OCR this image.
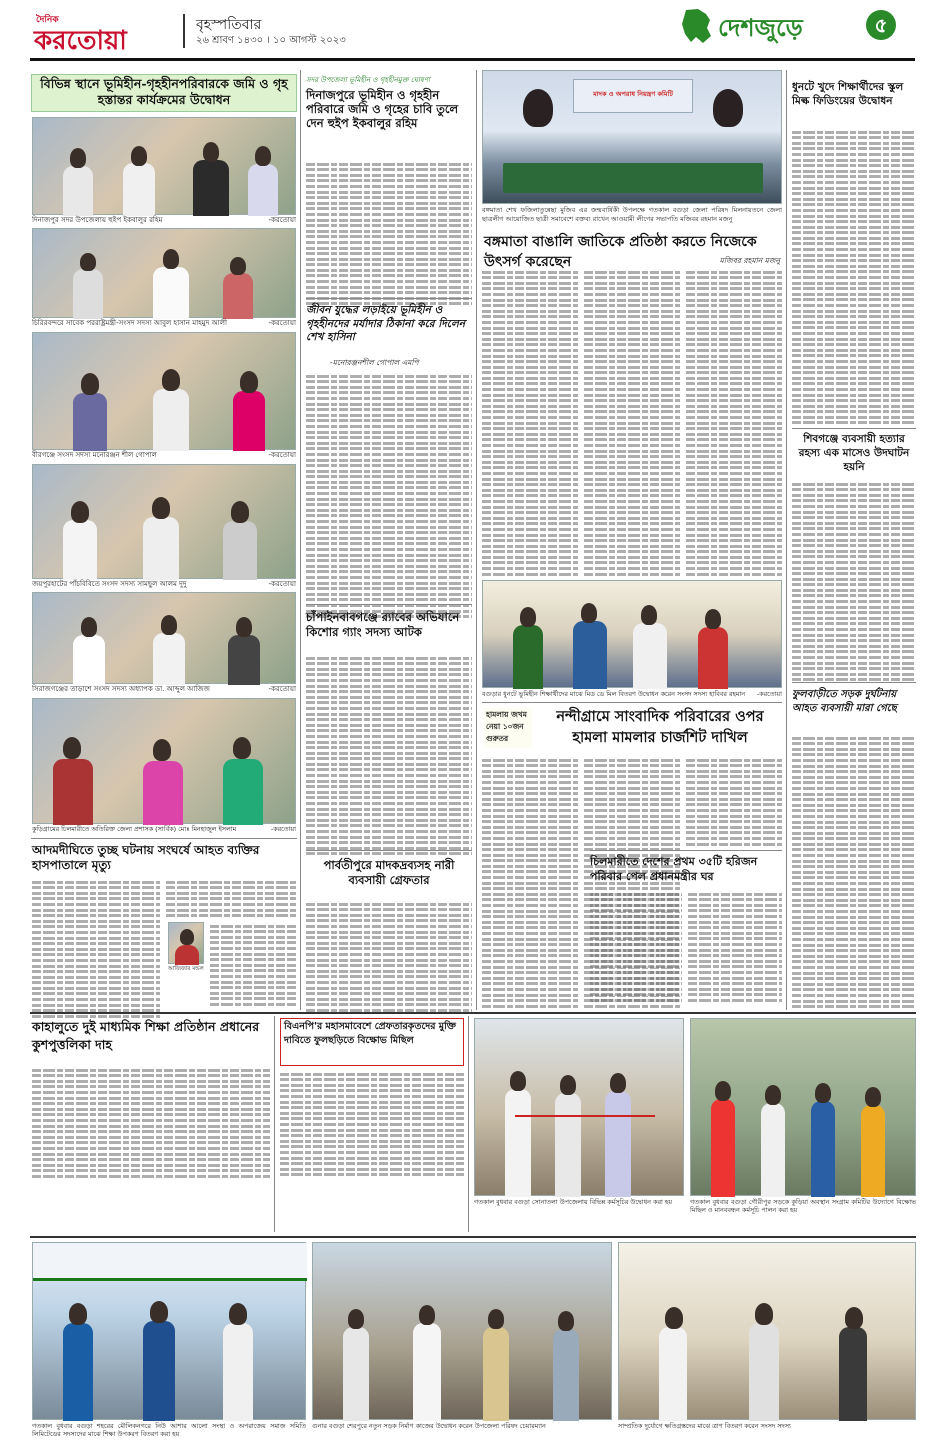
দৈনিক
করতোয়া
বৃহস্পতিবার
২৬ শ্রাবণ ১৪৩০ । ১০ আগস্ট ২০২৩	দেশজুড়ে	৫
বিভিন্ন স্থানে ভূমিহীন-গৃহহীনপরিবারকে জমি ও গৃহ হস্তান্তর কার্যক্রমের উদ্বোধন
দিনাজপুর সদর উপজেলায় হুইপ ইকবালুর রহিম	-করতোয়া
চিরিরবন্দরে সাবেক পররাষ্ট্রমন্ত্রী-সংসদ সদস্য আবুল হাসান মাহমুদ আলী	-করতোয়া
বীরগঞ্জে সংসদ সদস্য মনোরঞ্জন শীল গোপাল	-করতোয়া
জয়পুরহাটের পাঁচবিবিতে সংসদ সদস্য সামছুল আলম দুদু	-করতোয়া
সিরাজগঞ্জের তাড়াশে সংসদ সদস্য অধ্যাপক ডা. আব্দুল আজিজ	-করতোয়া
কুড়িগ্রামের চিলমারীতে অতিরিক্ত জেলা প্রশাসক (সার্বিক) মোঃ মিনহাজুল ইসলাম	-করতোয়া
আদমদীঘিতে তুচ্ছ ঘটনায় সংঘর্ষে আহত ব্যক্তির হাসপাতালে মৃত্যু
আজিজার মন্ডল
সদর উপজেলা ভূমিহীন ও গৃহহীনমুক্ত ঘোষণা
দিনাজপুরে ভূমিহীন ও গৃহহীন পরিবারে জমি ও গৃহের চাবি তুলে দেন হুইপ ইকবালুর রহিম
জীবন যুদ্ধের লড়াইয়ে ভূমিহীন ও গৃহহীনদের মর্যাদার ঠিকানা করে দিলেন শেখ হাসিনা
-মনোরঞ্জনশীল গোপাল এমপি
চাঁপাইনবাবগঞ্জে র‌্যাবের অভিযানে কিশোর গ্যাং সদস্য আটক
পার্বতীপুরে মাদকদ্রব্যসহ নারী ব্যবসায়ী গ্রেফতার
মাদক ও অপরাধ নিয়ন্ত্রণ কমিটি
বঙ্গমাতা শেখ ফজিলাতুন্নেছা মুজিব এর জন্মবার্ষিকী উপলক্ষে গতকাল বগুড়া জেলা পরিষদ মিলনায়তনে জেলা ছাত্রলীগ আয়োজিত ছাত্রী সমাবেশে বক্তব্য রাখেন আওয়ামী লীগের সভাপতি মজিবর রহমান মজনু
বঙ্গমাতা বাঙালি জাতিকে প্রতিষ্ঠা করতে নিজেকে উৎসর্গ করেছেন	মজিবর রহমান মজনু
বগুড়ার ধুনটে ভুমিহীন শিক্ষার্থীদের মাঝে মিড ডে মিল বিতরণ উদ্বোধন করেন সংসদ সদস্য হাবিবর রহমান -করতোয়া
হামলায় জখম
নেয়া ১০জন
গুরুতর
নন্দীগ্রামে সাংবাদিক পরিবারের ওপর হামলা মামলার চার্জশিট দাখিল
চিলমারীতে দেশের প্রথম ৩৫টি হরিজন পরিবার পেল প্রধানমন্ত্রীর ঘর
ধুনটে খুদে শিক্ষার্থীদের স্কুল মিল্ক ফিডিংয়ের উদ্বোধন
শিবগঞ্জে ব্যবসায়ী হত্যার রহস্য এক মাসেও উদঘাটন হয়নি
ফুলবাড়ীতে সড়ক দুর্ঘটনায় আহত ব্যবসায়ী মারা গেছে
কাহালুতে দুই মাধ্যমিক শিক্ষা প্রতিষ্ঠান প্রধানের কুশপুত্তলিকা দাহ
বিএনপি'র মহাসমাবেশে প্রেফতারকৃতদের মুক্তি দাবিতে ফুলছড়িতে বিক্ষোভ মিছিল
গতকাল বুধবার বগুড়া সোনাতলা উপজেলায় বিভিন্ন কর্মসূচির উদ্বোধন করা হয়	গতকাল বুধবার বগুড়া গৌরীপুর সড়কে কুড়িয়া অবস্থান সংগ্রাম কমিটির উদ্যোগে বিক্ষোভ মিছিল ও মানববন্ধন কর্মসূচি পালন করা হয়
গতকাল বুধবার বগুড়া শহরের মৌলিকনগরে নিউ আশার আলো সংস্থা ও অপরাজেয় সমাজ সমিতি লিমিটেডের সদস্যদের মাঝে শিক্ষা উপকরণ বিতরণ করা হয়
গুনার বগুড়া শেরপুরে নতুন সড়ক নির্মাণ কাজের উদ্বোধন করেন উপজেলা পরিষদ চেয়ারম্যান	সাম্প্রতিক দুর্যোগে ক্ষতিগ্রস্তদের মাঝে ত্রাণ বিতরণ করেন সংসদ সদস্য
